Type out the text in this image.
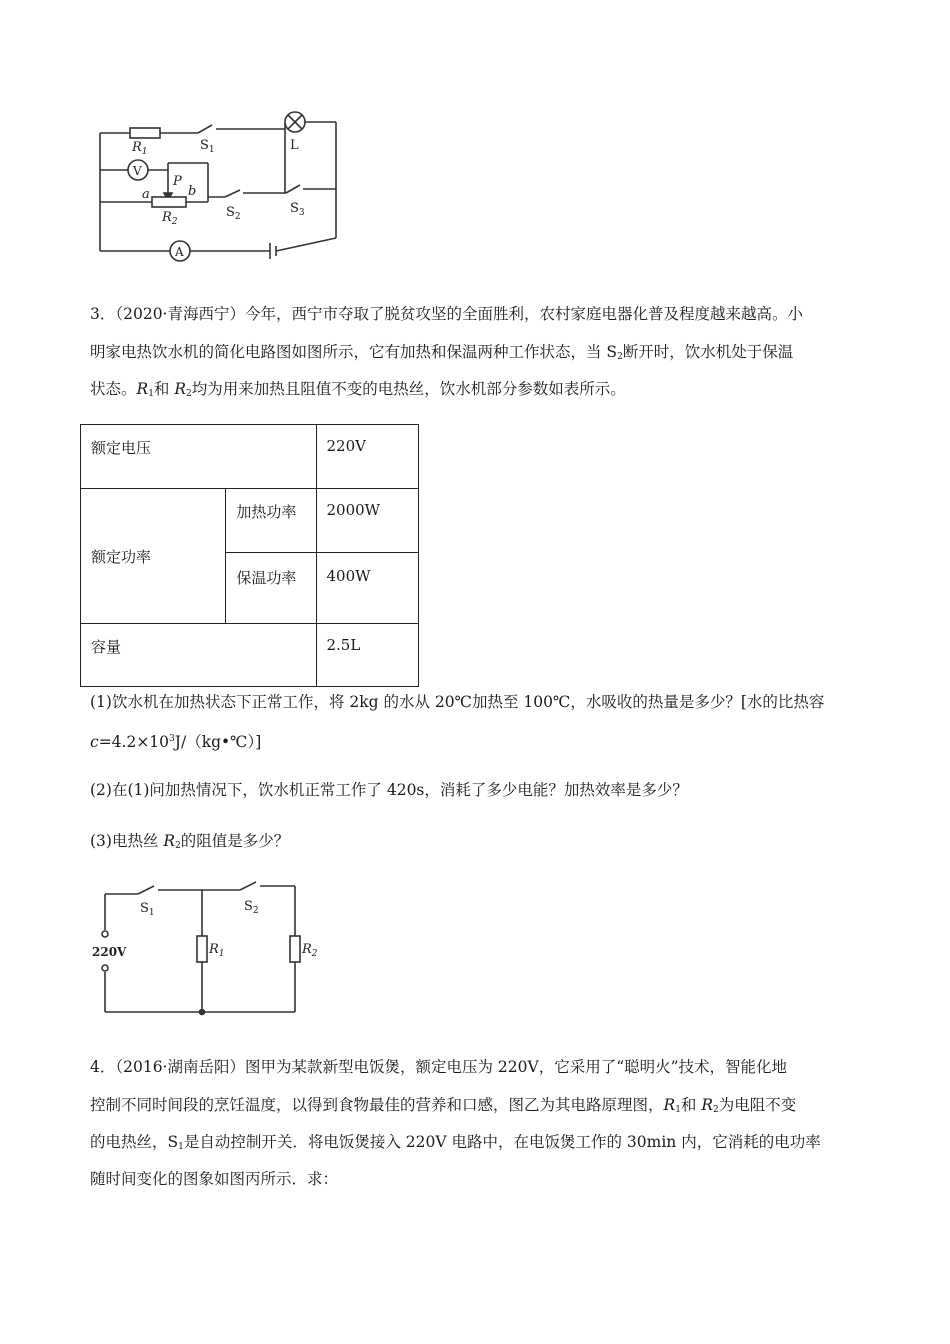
$R_1$	$S_1$	L
V
P
a	b
$R_2$
$S_2$
$S_3$
A
3．（2020·青海西宁）今年，西宁市夺取了脱贫攻坚的全面胜利，农村家庭电器化普及程度越来越高。小
明家电热饮水机的简化电路图如图所示，它有加热和保温两种工作状态，当 $S_2$断开时，饮水机处于保温
状态。$R_1$和 $R_2$均为用来加热且阻值不变的电热丝，饮水机部分参数如表所示。
额定电压		220V
额定功率	加热功率	2000W
	保温功率	400W
容量		2.5L
(1)饮水机在加热状态下正常工作，将 2kg 的水从 20℃加热至 100℃，水吸收的热量是多少？[水的比热容
$c=4.2\times 10^3J/(kg•℃)$]
(2)在(1)问加热情况下，饮水机正常工作了 420s，消耗了多少电能？加热效率是多少？
(3)电热丝 $R_2$的阻值是多少？
$S_1$	$S_2$
220V	$R_1$	$R_2$
4．（2016·湖南岳阳）图甲为某款新型电饭煲，额定电压为 220V，它采用了“聪明火”技术，智能化地
控制不同时间段的烹饪温度，以得到食物最佳的营养和口感，图乙为其电路原理图，$R_1$和 $R_2$为电阻不变
的电热丝，$S_1$是自动控制开关．将电饭煲接入 220V 电路中，在电饭煲工作的 30min 内，它消耗的电功率
随时间变化的图象如图丙所示．求：
